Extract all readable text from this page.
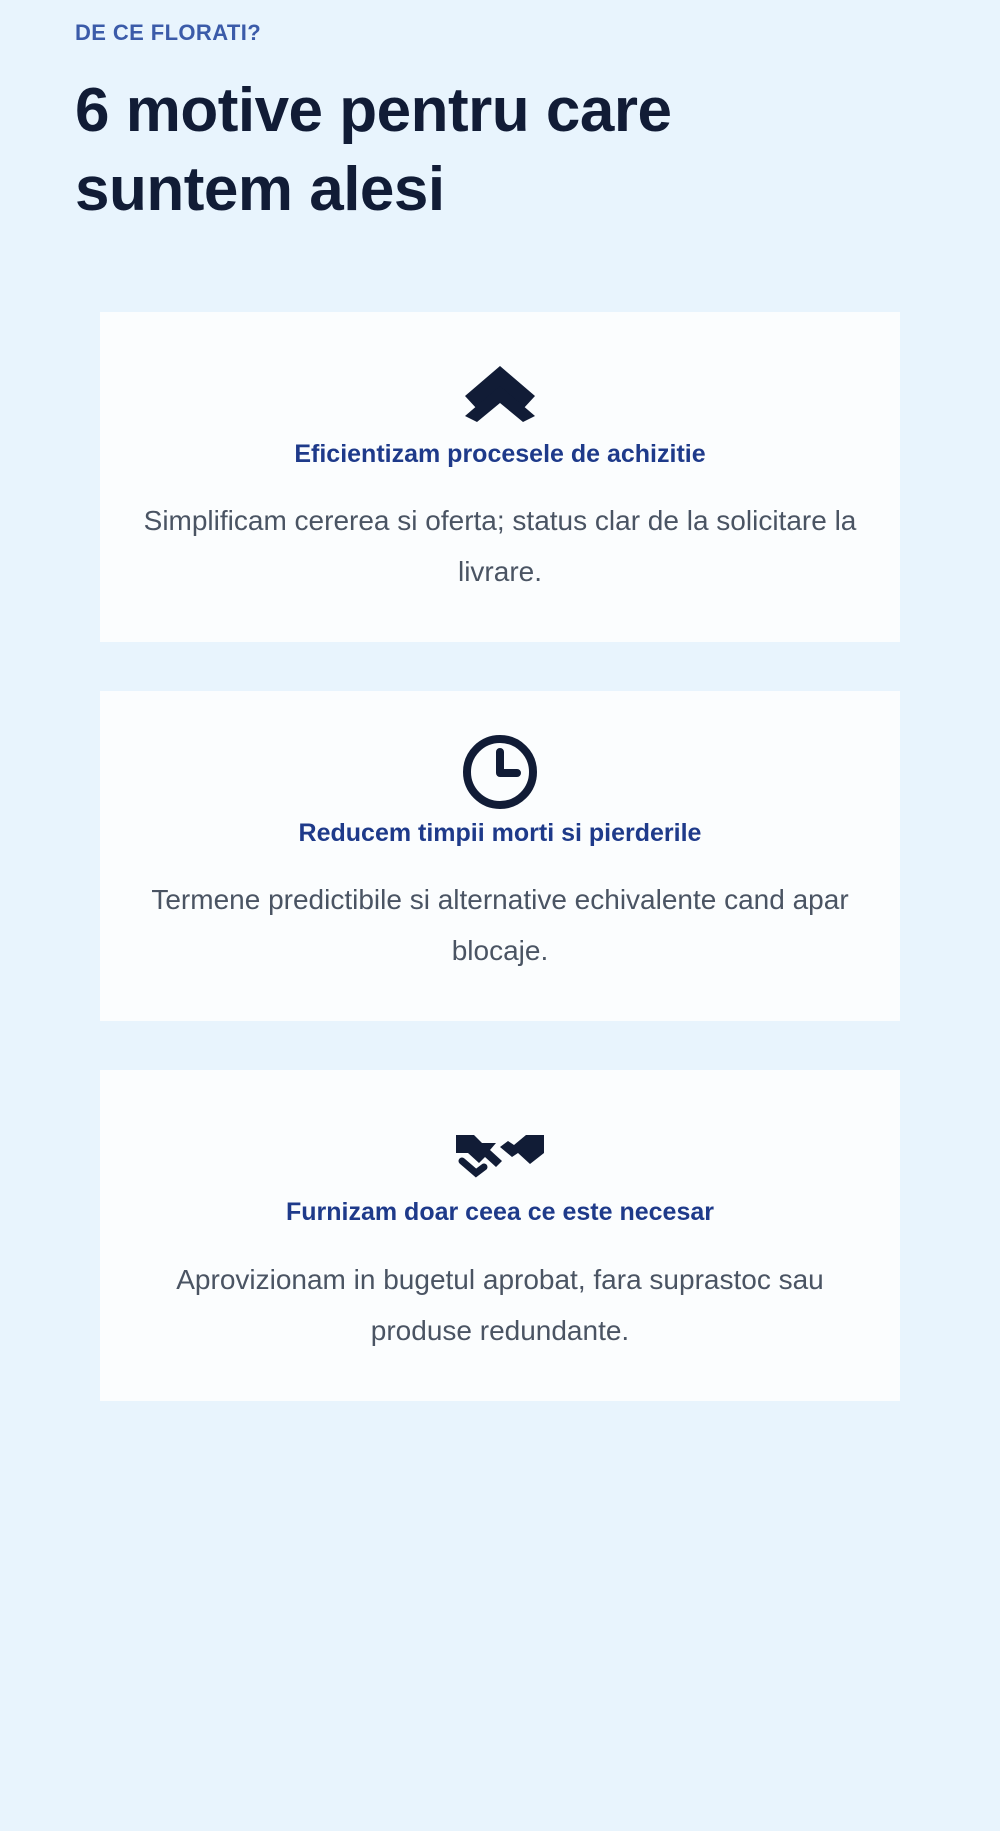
DE CE FLORATI?
6 motive pentru care suntem alesi
Eficientizam procesele de achizitie
Simplificam cererea si oferta; status clar de la solicitare la livrare.
Reducem timpii morti si pierderile
Termene predictibile si alternative echivalente cand apar blocaje.
Furnizam doar ceea ce este necesar
Aprovizionam in bugetul aprobat, fara suprastoc sau produse redundante.
